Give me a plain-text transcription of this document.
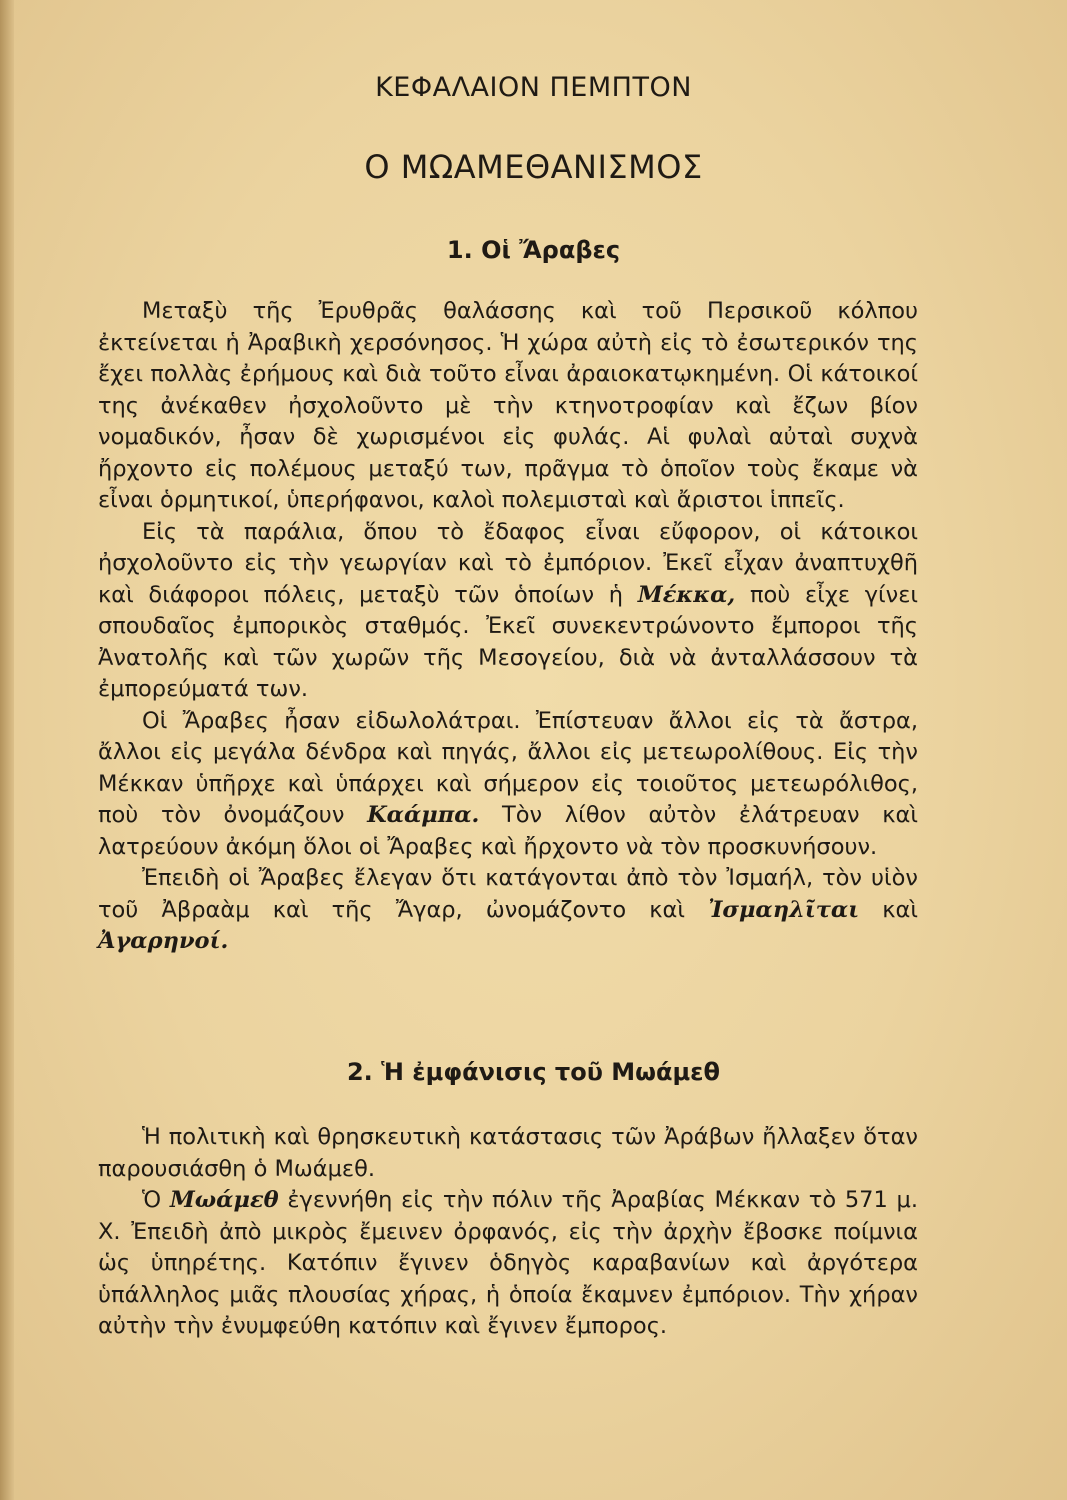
ΚΕΦΑΛΑΙΟΝ ΠΕΜΠΤΟΝ
Ο ΜΩΑΜΕΘΑΝΙΣΜΟΣ
1. Οἱ Ἄραβες

Μεταξὺ τῆς Ἐρυθρᾶς θαλάσσης καὶ τοῦ Περσικοῦ κόλπου ἐκτείνεται ἡ Ἀραβικὴ χερσόνησος. Ἡ χώρα αὐτὴ εἰς τὸ ἐσωτερικόν της ἔχει πολλὰς ἐρήμους καὶ διὰ τοῦτο εἶναι ἀραιοκατῳκημένη. Οἱ κάτοικοί της ἀνέκαθεν ἠσχολοῦντο μὲ τὴν κτηνοτροφίαν καὶ ἔζων βίον νομαδικόν, ἦσαν δὲ χωρισμένοι εἰς φυλάς. Αἱ φυλαὶ αὐταὶ συχνὰ ἤρχοντο εἰς πολέμους μεταξύ των, πρᾶγμα τὸ ὁποῖον τοὺς ἔκαμε νὰ εἶναι ὁρμητικοί, ὑπερήφανοι, καλοὶ πολεμισταὶ καὶ ἄριστοι ἱππεῖς.

Εἰς τὰ παράλια, ὅπου τὸ ἔδαφος εἶναι εὔφορον, οἱ κάτοικοι ἠσχολοῦντο εἰς τὴν γεωργίαν καὶ τὸ ἐμπόριον. Ἐκεῖ εἶχαν ἀναπτυχθῆ καὶ διάφοροι πόλεις, μεταξὺ τῶν ὁποίων ἡ Μέκκα, ποὺ εἶχε γίνει σπουδαῖος ἐμπορικὸς σταθμός. Ἐκεῖ συνεκεντρώνοντο ἔμποροι τῆς Ἀνατολῆς καὶ τῶν χωρῶν τῆς Μεσογείου, διὰ νὰ ἀνταλλάσσουν τὰ ἐμπορεύματά των.

Οἱ Ἄραβες ἦσαν εἰδωλολάτραι. Ἐπίστευαν ἄλλοι εἰς τὰ ἄστρα, ἄλλοι εἰς μεγάλα δένδρα καὶ πηγάς, ἄλλοι εἰς μετεωρολίθους. Εἰς τὴν Μέκκαν ὑπῆρχε καὶ ὑπάρχει καὶ σήμερον εἰς τοιοῦτος μετεωρόλιθος, ποὺ τὸν ὀνομάζουν Καάμπα. Τὸν λίθον αὐτὸν ἐλάτρευαν καὶ λατρεύουν ἀκόμη ὅλοι οἱ Ἄραβες καὶ ἤρχοντο νὰ τὸν προσκυνήσουν.

Ἐπειδὴ οἱ Ἄραβες ἔλεγαν ὅτι κατάγονται ἀπὸ τὸν Ἰσμαήλ, τὸν υἱὸν τοῦ Ἀβραὰμ καὶ τῆς Ἄγαρ, ὠνομάζοντο καὶ Ἰσμαηλῖται καὶ Ἀγαρηνοί.

2. Ἡ ἐμφάνισις τοῦ Μωάμεθ

Ἡ πολιτικὴ καὶ θρησκευτικὴ κατάστασις τῶν Ἀράβων ἤλλαξεν ὅταν παρουσιάσθη ὁ Μωάμεθ.

Ὁ Μωάμεθ ἐγεννήθη εἰς τὴν πόλιν τῆς Ἀραβίας Μέκκαν τὸ 571 μ. Χ. Ἐπειδὴ ἀπὸ μικρὸς ἔμεινεν ὀρφανός, εἰς τὴν ἀρχὴν ἔβοσκε ποίμνια ὡς ὑπηρέτης. Κατόπιν ἔγινεν ὁδηγὸς καραβανίων καὶ ἀργότερα ὑπάλληλος μιᾶς πλουσίας χήρας, ἡ ὁποία ἔκαμνεν ἐμπόριον. Τὴν χήραν αὐτὴν τὴν ἐνυμφεύθη κατόπιν καὶ ἔγινεν ἔμπορος.
